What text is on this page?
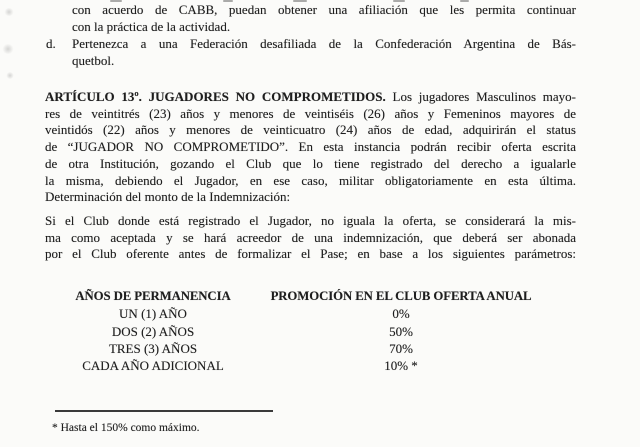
con acuerdo de CABB, puedan obtener una afiliación que les permita continuar
con la práctica de la actividad.
d. Pertenezca a una Federación desafiliada de la Confederación Argentina de Bás-
quetbol.
ARTÍCULO 13º. JUGADORES NO COMPROMETIDOS. Los jugadores Masculinos mayo-
res de veintitrés (23) años y menores de veintiséis (26) años y Femeninos mayores de
veintidós (22) años y menores de veinticuatro (24) años de edad, adquirirán el status
de “JUGADOR NO COMPROMETIDO”. En esta instancia podrán recibir oferta escrita
de otra Institución, gozando el Club que lo tiene registrado del derecho a igualarle
la misma, debiendo el Jugador, en ese caso, militar obligatoriamente en esta última.
Determinación del monto de la Indemnización:
Si el Club donde está registrado el Jugador, no iguala la oferta, se considerará la mis-
ma como aceptada y se hará acreedor de una indemnización, que deberá ser abonada
por el Club oferente antes de formalizar el Pase; en base a los siguientes parámetros:
AÑOS DE PERMANENCIA	PROMOCIÓN EN EL CLUB OFERTA ANUAL
UN (1) AÑO	0%
DOS (2) AÑOS	50%
TRES (3) AÑOS	70%
CADA AÑO ADICIONAL	10% *
* Hasta el 150% como máximo.
